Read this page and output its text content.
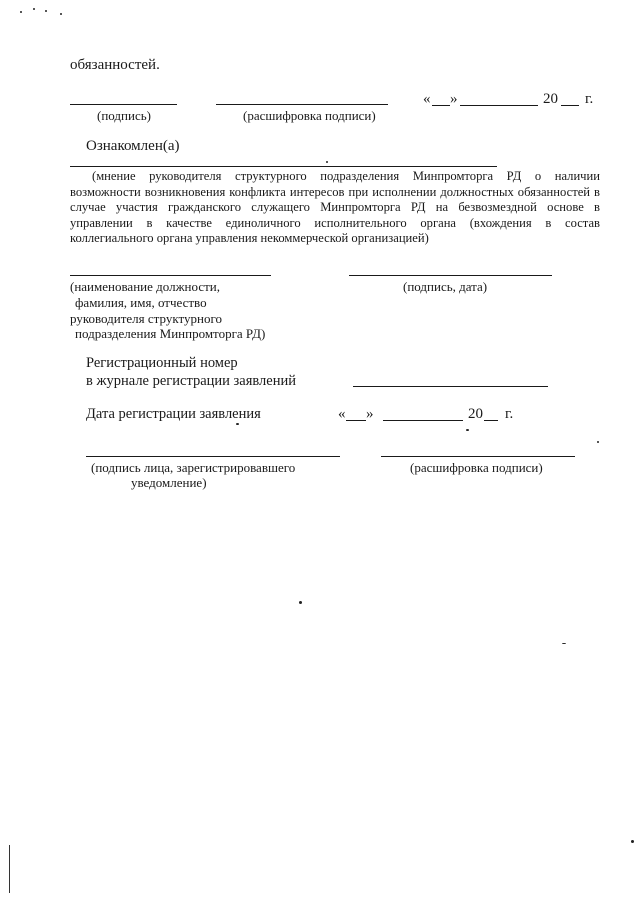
обязанностей.
« »	20 г.
(подпись)	(расшифровка подписи)
Ознакомлен(а)
(мнение руководителя структурного подразделения Минпромторга РД о наличии возможности возникновения конфликта интересов при исполнении должностных обязанностей в случае участия гражданского служащего Минпромторга РД на безвозмездной основе в управлении в качестве единоличного исполнительного органа (вхождения в состав коллегиального органа управления некоммерческой организацией)
(наименование должности,
фамилия, имя, отчество
руководителя структурного
подразделения Минпромторга РД)
(подпись, дата)
Регистрационный номер
в журнале регистрации заявлений
Дата регистрации заявления	« »	20 г.
(подпись лица, зарегистрировавшего
уведомление)
(расшифровка подписи)
